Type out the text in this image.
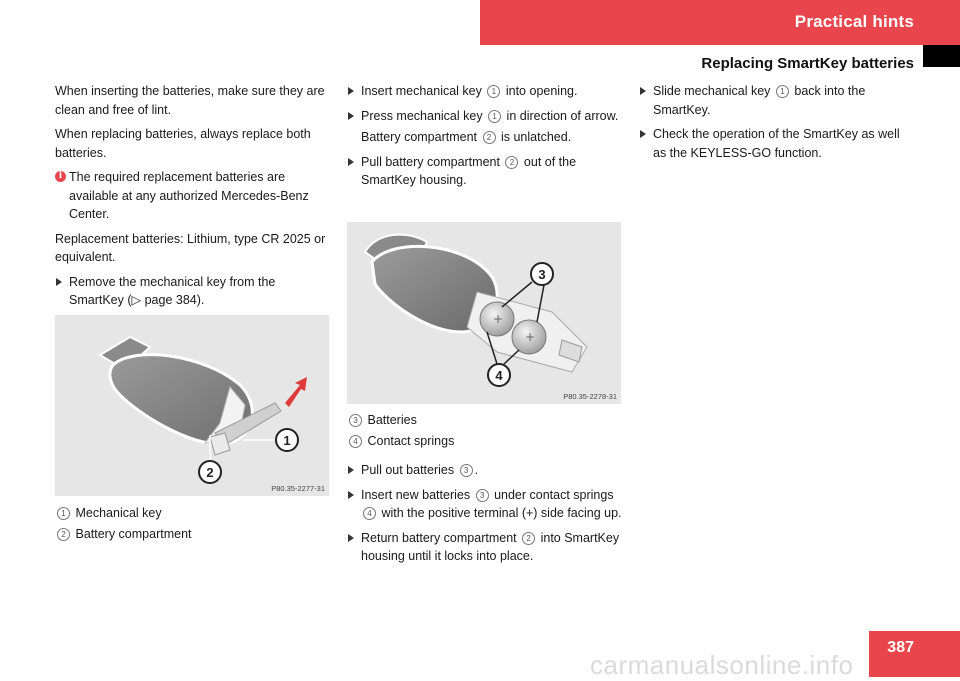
Practical hints
Replacing SmartKey batteries

When inserting the batteries, make sure they are clean and free of lint.

When replacing batteries, always replace both batteries.

i The required replacement batteries are available at any authorized Mercedes-Benz Center.

Replacement batteries: Lithium, type CR 2025 or equivalent.

Remove the mechanical key from the SmartKey (▷ page 384).
1
2
P80.35-2277-31
1 Mechanical key
2 Battery compartment
Insert mechanical key 1 into opening.
Press mechanical key 1 in direction of arrow.

Battery compartment 2 is unlatched.

Pull battery compartment 2 out of the SmartKey housing.
+
+
3
4
P80.35-2278-31
3 Batteries
4 Contact springs
Pull out batteries 3 .
Insert new batteries 3 under contact springs 4 with the positive terminal (+) side facing up.
Return battery compartment 2 into SmartKey housing until it locks into place.
Slide mechanical key 1 back into the SmartKey.
Check the operation of the SmartKey as well as the KEYLESS-GO function.
387
carmanualsonline.info
